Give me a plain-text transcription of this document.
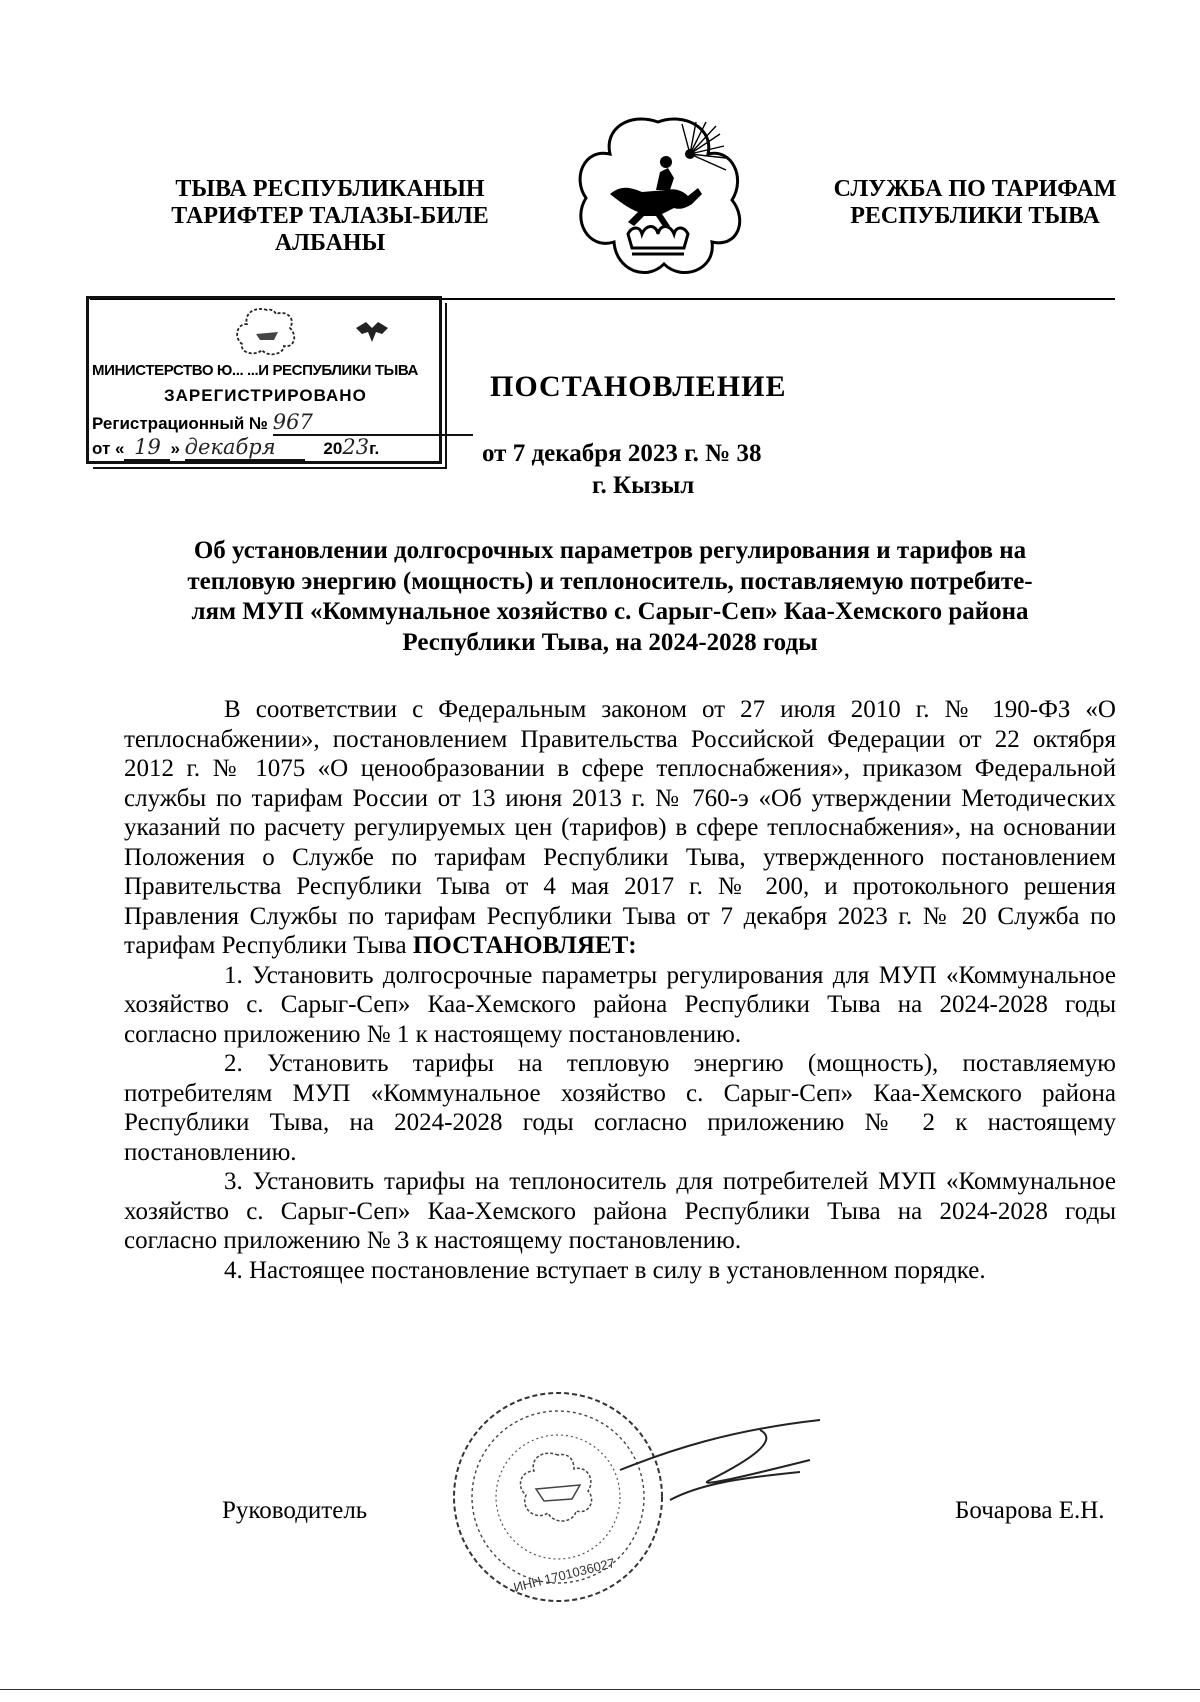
ТЫВА РЕСПУБЛИКАНЫН
ТАРИФТЕР ТАЛАЗЫ-БИЛЕ
АЛБАНЫ
СЛУЖБА ПО ТАРИФАМ
РЕСПУБЛИКИ ТЫВА
МИНИСТЕРСТВО Ю... ...И РЕСПУБЛИКИ ТЫВА
ЗАРЕГИСТРИРОВАНО
Регистрационный № 967
от « 19 » декабря	2023г.
ПОСТАНОВЛЕНИЕ
от 7 декабря 2023 г. № 38
г. Кызыл
Об установлении долгосрочных параметров регулирования и тарифов на
тепловую энергию (мощность) и теплоноситель, поставляемую потребите-
лям МУП «Коммунальное хозяйство с. Сарыг-Сеп» Каа-Хемского района
Республики Тыва, на 2024-2028 годы

В соответствии с Федеральным законом от 27 июля 2010 г. № 190-ФЗ «О теплоснабжении», постановлением Правительства Российской Федерации от 22 октября 2012 г. № 1075 «О ценообразовании в сфере теплоснабжения», приказом Федеральной службы по тарифам России от 13 июня 2013 г. № 760-э «Об утверждении Методических указаний по расчету регулируемых цен (тарифов) в сфере теплоснабжения», на основании Положения о Службе по тарифам Республики Тыва, утвержденного постановлением Правительства Республики Тыва от 4 мая 2017 г. № 200, и протокольного решения Правления Службы по тарифам Республики Тыва от 7 декабря 2023 г. № 20 Служба по тарифам Республики Тыва ПОСТАНОВЛЯЕТ:

1. Установить долгосрочные параметры регулирования для МУП «Коммунальное хозяйство с. Сарыг-Сеп» Каа-Хемского района Республики Тыва на 2024-2028 годы согласно приложению № 1 к настоящему постановлению.

2. Установить тарифы на тепловую энергию (мощность), поставляемую потребителям МУП «Коммунальное хозяйство с. Сарыг-Сеп» Каа-Хемского района Республики Тыва, на 2024-2028 годы согласно приложению № 2 к настоящему постановлению.

3. Установить тарифы на теплоноситель для потребителей МУП «Коммунальное хозяйство с. Сарыг-Сеп» Каа-Хемского района Республики Тыва на 2024-2028 годы согласно приложению № 3 к настоящему постановлению.

4. Настоящее постановление вступает в силу в установленном порядке.

ИНН 1701036027
Руководитель	Бочарова Е.Н.
